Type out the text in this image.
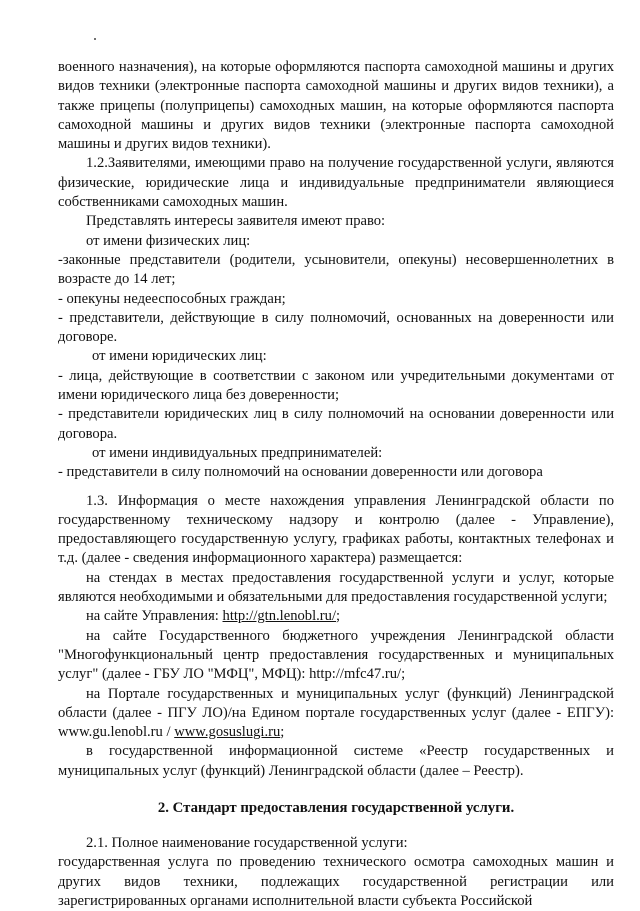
военного назначения), на которые оформляются паспорта самоходной машины и других видов техники (электронные паспорта самоходной машины и других видов техники), а также прицепы (полуприцепы) самоходных машин, на которые оформляются паспорта самоходной машины и других видов техники (электронные паспорта самоходной машины и других видов техники).

1.2.Заявителями, имеющими право на получение государственной услуги, являются физические, юридические лица и индивидуальные предприниматели являющиеся собственниками самоходных машин.

Представлять интересы заявителя имеют право:

от имени физических лиц:

-законные представители (родители, усыновители, опекуны) несовершеннолетних в возрасте до 14 лет;

- опекуны недееспособных граждан;

- представители, действующие в силу полномочий, основанных на доверенности или договоре.

от имени юридических лиц:

- лица, действующие в соответствии с законом или учредительными документами от имени юридического лица без доверенности;

- представители юридических лиц в силу полномочий на основании доверенности или договора.

от имени индивидуальных предпринимателей:

- представители в силу полномочий на основании доверенности или договора

1.3. Информация о месте нахождения управления Ленинградской области по государственному техническому надзору и контролю (далее - Управление), предоставляющего государственную услугу, графиках работы, контактных телефонах и т.д. (далее - сведения информационного характера) размещается:

на стендах в местах предоставления государственной услуги и услуг, которые являются необходимыми и обязательными для предоставления государственной услуги;

на сайте Управления: http://gtn.lenobl.ru/;

на сайте Государственного бюджетного учреждения Ленинградской области "Многофункциональный центр предоставления государственных и муниципальных услуг" (далее - ГБУ ЛО "МФЦ", МФЦ): http://mfc47.ru/;

на Портале государственных и муниципальных услуг (функций) Ленинградской области (далее - ПГУ ЛО)/на Едином портале государственных услуг (далее - ЕПГУ): www.gu.lenobl.ru / www.gosuslugi.ru;

в государственной информационной системе «Реестр государственных и муниципальных услуг (функций) Ленинградской области (далее – Реестр).

2. Стандарт предоставления государственной услуги.

2.1. Полное наименование государственной услуги:

государственная услуга по проведению технического осмотра самоходных машин и других видов техники, подлежащих государственной регистрации или зарегистрированных органами исполнительной власти субъекта Российской
